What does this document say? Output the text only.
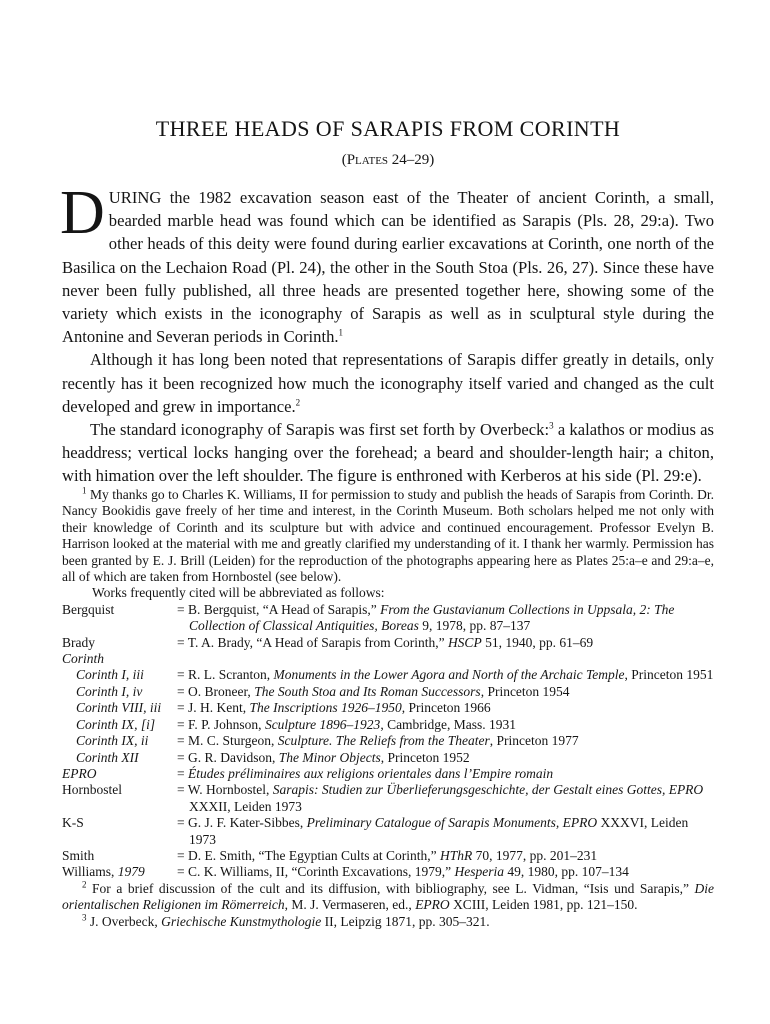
THREE HEADS OF SARAPIS FROM CORINTH

(Plates 24–29)

DURING the 1982 excavation season east of the Theater of ancient Corinth, a small, bearded marble head was found which can be identified as Sarapis (Pls. 28, 29:a). Two other heads of this deity were found during earlier excavations at Corinth, one north of the Basilica on the Lechaion Road (Pl. 24), the other in the South Stoa (Pls. 26, 27). Since these have never been fully published, all three heads are presented together here, showing some of the variety which exists in the iconography of Sarapis as well as in sculptural style during the Antonine and Severan periods in Corinth.$^1$

Although it has long been noted that representations of Sarapis differ greatly in details, only recently has it been recognized how much the iconography itself varied and changed as the cult developed and grew in importance.$^2$

The standard iconography of Sarapis was first set forth by Overbeck:$^3$ a kalathos or modius as headdress; vertical locks hanging over the forehead; a beard and shoulder-length hair; a chiton, with himation over the left shoulder. The figure is enthroned with Kerberos at his side (Pl. 29:e).

$^1$ My thanks go to Charles K. Williams, II for permission to study and publish the heads of Sarapis from Corinth. Dr. Nancy Bookidis gave freely of her time and interest, in the Corinth Museum. Both scholars helped me not only with their knowledge of Corinth and its sculpture but with advice and continued encouragement. Professor Evelyn B. Harrison looked at the material with me and greatly clarified my understanding of it. I thank her warmly. Permission has been granted by E. J. Brill (Leiden) for the reproduction of the photographs appearing here as Plates 25:a–e and 29:a–e, all of which are taken from Hornbostel (see below).

Works frequently cited will be abbreviated as follows:

Bergquist	= B. Bergquist, “A Head of Sarapis,” From the Gustavianum Collections in Uppsala, 2: The Collection of Classical Antiquities, Boreas 9, 1978, pp. 87–137
Brady	= T. A. Brady, “A Head of Sarapis from Corinth,” HSCP 51, 1940, pp. 61–69
Corinth
Corinth I, iii	= R. L. Scranton, Monuments in the Lower Agora and North of the Archaic Temple, Princeton 1951
Corinth I, iv	= O. Broneer, The South Stoa and Its Roman Successors, Princeton 1954
Corinth VIII, iii	= J. H. Kent, The Inscriptions 1926–1950, Princeton 1966
Corinth IX, [i]	= F. P. Johnson, Sculpture 1896–1923, Cambridge, Mass. 1931
Corinth IX, ii	= M. C. Sturgeon, Sculpture. The Reliefs from the Theater, Princeton 1977
Corinth XII	= G. R. Davidson, The Minor Objects, Princeton 1952
EPRO	= Études préliminaires aux religions orientales dans l’Empire romain
Hornbostel	= W. Hornbostel, Sarapis: Studien zur Überlieferungsgeschichte, der Gestalt eines Gottes, EPRO XXXII, Leiden 1973
K-S	= G. J. F. Kater-Sibbes, Preliminary Catalogue of Sarapis Monuments, EPRO XXXVI, Leiden 1973
Smith	= D. E. Smith, “The Egyptian Cults at Corinth,” HThR 70, 1977, pp. 201–231
Williams, 1979	= C. K. Williams, II, “Corinth Excavations, 1979,” Hesperia 49, 1980, pp. 107–134

$^2$ For a brief discussion of the cult and its diffusion, with bibliography, see L. Vidman, “Isis und Sarapis,” Die orientalischen Religionen im Römerreich, M. J. Vermaseren, ed., EPRO XCIII, Leiden 1981, pp. 121–150.

$^3$ J. Overbeck, Griechische Kunstmythologie II, Leipzig 1871, pp. 305–321.
